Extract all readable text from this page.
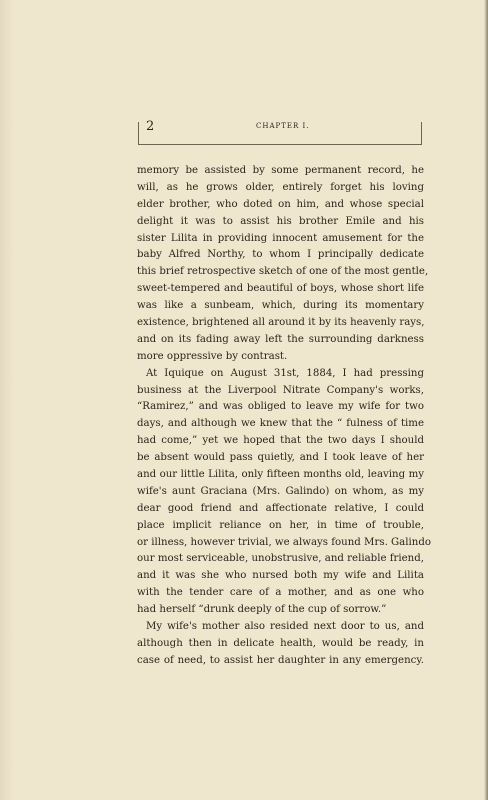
2	CHAPTER I.
memory be assisted by some permanent record, he
will, as he grows older, entirely forget his loving
elder brother, who doted on him, and whose special
delight it was to assist his brother Emile and his
sister Lilita in providing innocent amusement for the
baby Alfred Northy, to whom I principally dedicate
this brief retrospective sketch of one of the most gentle,
sweet-tempered and beautiful of boys, whose short life
was like a sunbeam, which, during its momentary
existence, brightened all around it by its heavenly rays,
and on its fading away left the surrounding darkness
more oppressive by contrast.
At Iquique on August 31st, 1884, I had pressing
business at the Liverpool Nitrate Company's works,
“Ramirez,” and was obliged to leave my wife for two
days, and although we knew that the “ fulness of time
had come,” yet we hoped that the two days I should
be absent would pass quietly, and I took leave of her
and our little Lilita, only fifteen months old, leaving my
wife's aunt Graciana (Mrs. Galindo) on whom, as my
dear good friend and affectionate relative, I could
place implicit reliance on her, in time of trouble,
or illness, however trivial, we always found Mrs. Galindo
our most serviceable, unobstrusive, and reliable friend,
and it was she who nursed both my wife and Lilita
with the tender care of a mother, and as one who
had herself “drunk deeply of the cup of sorrow.”
My wife's mother also resided next door to us, and
although then in delicate health, would be ready, in
case of need, to assist her daughter in any emergency.
